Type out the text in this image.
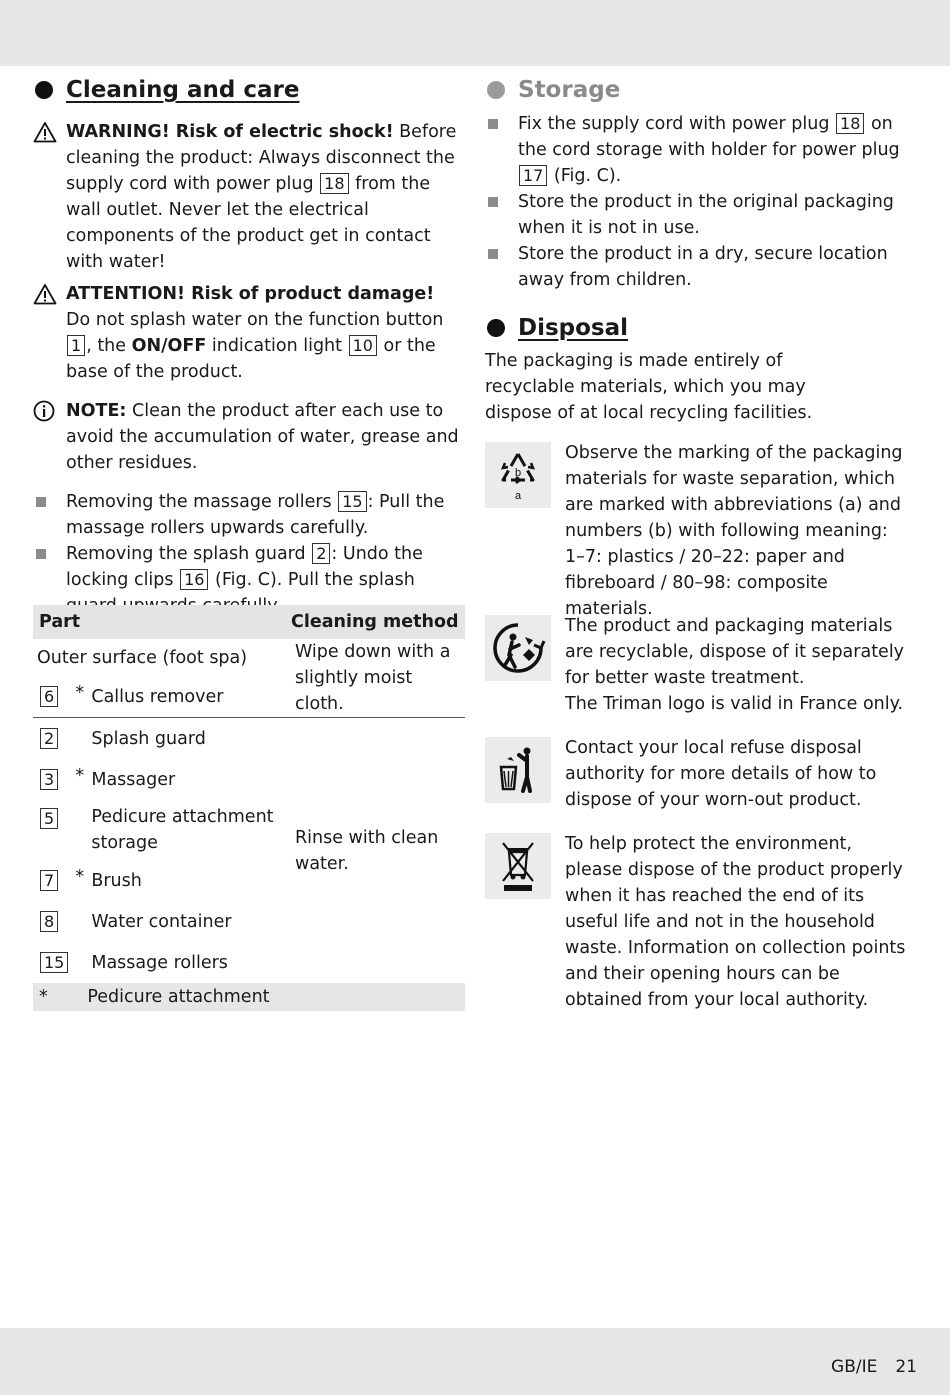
Cleaning and care
WARNING! Risk of electric shock! Before cleaning the product: Always disconnect the supply cord with power plug 18 from the wall outlet. Never let the electrical components of the product get in contact with water!
ATTENTION! Risk of product damage!
Do not splash water on the function button 1 , the ON/OFF indication light 10 or the base of the product.
NOTE: Clean the product after each use to avoid the accumulation of water, grease and other residues.
Removing the massage rollers 15 : Pull the massage rollers upwards carefully.
Removing the splash guard 2 : Undo the locking clips 16 (Fig. C). Pull the splash
Part			Cleaning method
Outer surface (foot spa)			Wipe down with a slightly moist cloth.
6	*	Callus remover	
2		Splash guard	Rinse with clean water.
3	*	Massager	
5		Pedicure attachment storage	
7	*	Brush	
8		Water container	
15		Massage rollers	
*	Pedicure attachment		
Storage
Fix the supply cord with power plug 18 on the cord storage with holder for power plug 17 (Fig. C).
Store the product in the original packaging when it is not in use.
Store the product in a dry, secure location away from children.
Disposal
The packaging is made entirely of recyclable materials, which you may dispose of at local recycling facilities.
b
a
Observe the marking of the packaging materials for waste separation, which are marked with abbreviations (a) and numbers (b) with following meaning: 1–7: plastics / 20–22: paper and fibreboard / 80–98: composite materials.
The product and packaging materials are recyclable, dispose of it separately for better waste treatment.
The Triman logo is valid in France only.
Contact your local refuse disposal authority for more details of how to dispose of your worn-out product.
To help protect the environment, please dispose of the product properly when it has reached the end of its useful life and not in the household waste. Information on collection points and their opening hours can be obtained from your local authority.
GB/IE 21
